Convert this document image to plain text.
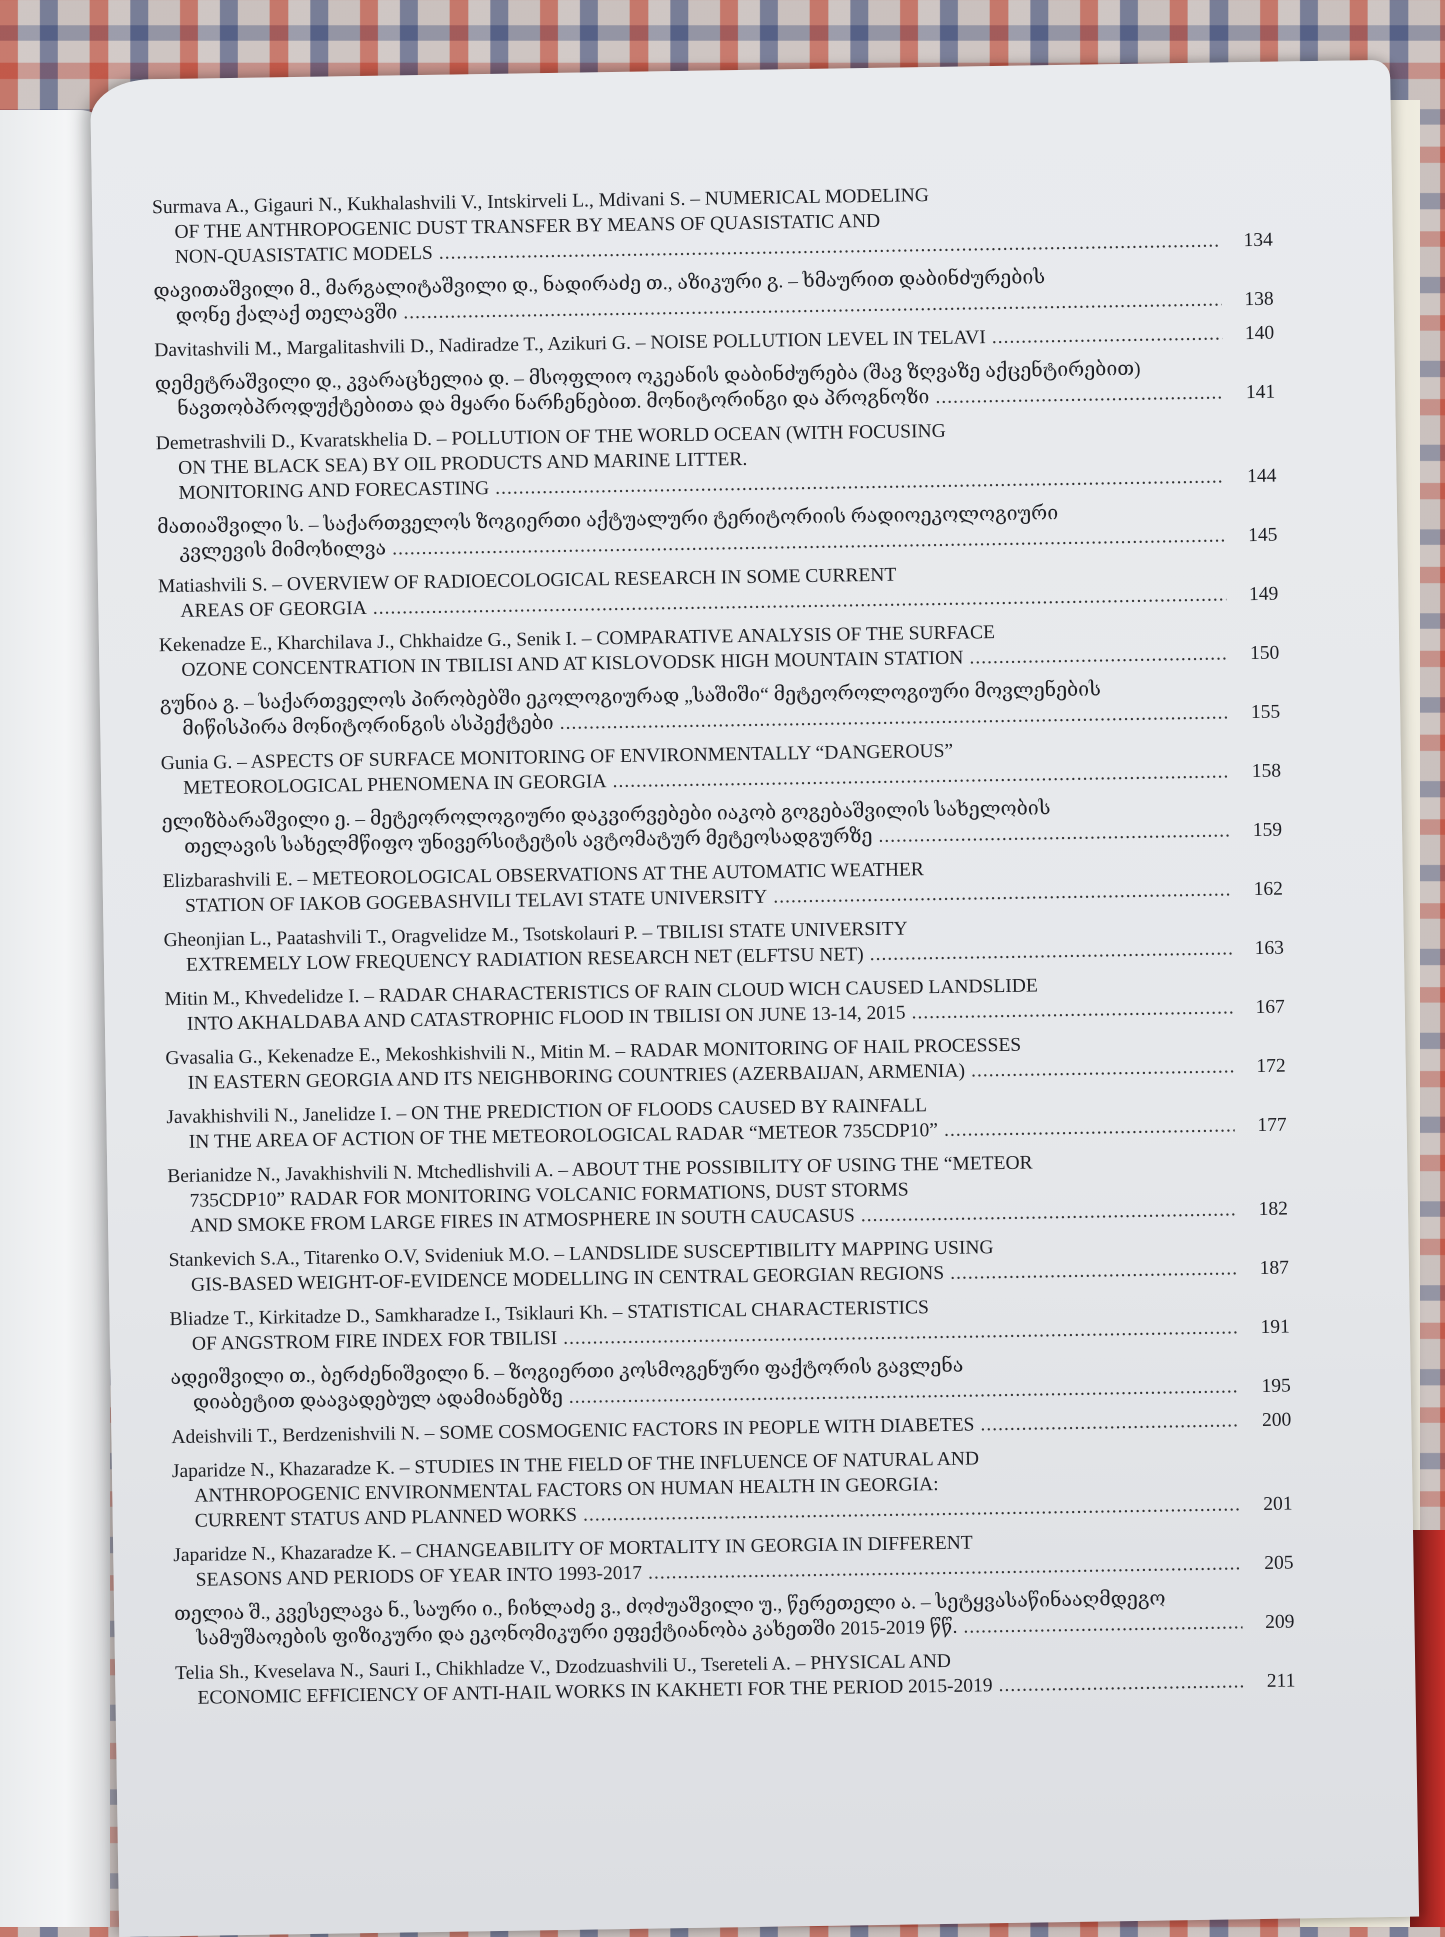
Surmava A., Gigauri N., Kukhalashvili V., Intskirveli L., Mdivani S. – NUMERICAL MODELING
OF THE ANTHROPOGENIC DUST TRANSFER BY MEANS OF QUASISTATIC AND
NON-QUASISTATIC MODELS
.....
134
დავითაშვილი მ., მარგალიტაშვილი დ., ნადირაძე თ., აზიკური გ. – ხმაურით დაბინძურების
დონე ქალაქ თელავში
.....
138
Davitashvili M., Margalitashvili D., Nadiradze T., Azikuri G. – NOISE POLLUTION LEVEL IN TELAVI .....	140
დემეტრაშვილი დ., კვარაცხელია დ. – მსოფლიო ოკეანის დაბინძურება (შავ ზღვაზე აქცენტირებით)
ნავთობპროდუქტებითა და მყარი ნარჩენებით. მონიტორინგი და პროგნოზი .....	141
Demetrashvili D., Kvaratskhelia D. – POLLUTION OF THE WORLD OCEAN (WITH FOCUSING
ON THE BLACK SEA) BY OIL PRODUCTS AND MARINE LITTER.
MONITORING AND FORECASTING
.....
144
მათიაშვილი ს. – საქართველოს ზოგიერთი აქტუალური ტერიტორიის რადიოეკოლოგიური
კვლევის მიმოხილვა
.....
145
Matiashvili S. – OVERVIEW OF RADIOECOLOGICAL RESEARCH IN SOME CURRENT
AREAS OF GEORGIA
.....
149
Kekenadze E., Kharchilava J., Chkhaidze G., Senik I. – COMPARATIVE ANALYSIS OF THE SURFACE
OZONE CONCENTRATION IN TBILISI AND AT KISLOVODSK HIGH MOUNTAIN STATION .....	150
გუნია გ. – საქართველოს პირობებში ეკოლოგიურად „საშიში“ მეტეოროლოგიური მოვლენების
მიწისპირა მონიტორინგის ასპექტები
.....
155
Gunia G. – ASPECTS OF SURFACE MONITORING OF ENVIRONMENTALLY “DANGEROUS”
METEOROLOGICAL PHENOMENA IN GEORGIA .....	158
ელიზბარაშვილი ე. – მეტეოროლოგიური დაკვირვებები იაკობ გოგებაშვილის სახელობის
თელავის სახელმწიფო უნივერსიტეტის ავტომატურ მეტეოსადგურზე .....	159
Elizbarashvili E. – METEOROLOGICAL OBSERVATIONS AT THE AUTOMATIC WEATHER
STATION OF IAKOB GOGEBASHVILI TELAVI STATE UNIVERSITY .....	162
Gheonjian L., Paatashvili T., Oragvelidze M., Tsotskolauri P. – TBILISI STATE UNIVERSITY
EXTREMELY LOW FREQUENCY RADIATION RESEARCH NET (ELFTSU NET) .....	163
Mitin M., Khvedelidze I. – RADAR CHARACTERISTICS OF RAIN CLOUD WICH CAUSED LANDSLIDE
INTO AKHALDABA AND CATASTROPHIC FLOOD IN TBILISI ON JUNE 13-14, 2015 .....	167
Gvasalia G., Kekenadze E., Mekoshkishvili N., Mitin M. – RADAR MONITORING OF HAIL PROCESSES
IN EASTERN GEORGIA AND ITS NEIGHBORING COUNTRIES (AZERBAIJAN, ARMENIA) .....	172
Javakhishvili N., Janelidze I. – ON THE PREDICTION OF FLOODS CAUSED BY RAINFALL
IN THE AREA OF ACTION OF THE METEOROLOGICAL RADAR “METEOR 735CDP10” .....	177
Berianidze N., Javakhishvili N. Mtchedlishvili A. – ABOUT THE POSSIBILITY OF USING THE “METEOR
735CDP10” RADAR FOR MONITORING VOLCANIC FORMATIONS, DUST STORMS
AND SMOKE FROM LARGE FIRES IN ATMOSPHERE IN SOUTH CAUCASUS .....	182
Stankevich S.A., Titarenko O.V, Svideniuk M.O. – LANDSLIDE SUSCEPTIBILITY MAPPING USING
GIS-BASED WEIGHT-OF-EVIDENCE MODELLING IN CENTRAL GEORGIAN REGIONS .....	187
Bliadze T., Kirkitadze D., Samkharadze I., Tsiklauri Kh. – STATISTICAL CHARACTERISTICS
OF ANGSTROM FIRE INDEX FOR TBILISI
.....
191
ადეიშვილი თ., ბერძენიშვილი ნ. – ზოგიერთი კოსმოგენური ფაქტორის გავლენა
დიაბეტით დაავადებულ ადამიანებზე
.....
195
Adeishvili T., Berdzenishvili N. – SOME COSMOGENIC FACTORS IN PEOPLE WITH DIABETES .....	200
Japaridze N., Khazaradze K. – STUDIES IN THE FIELD OF THE INFLUENCE OF NATURAL AND
ANTHROPOGENIC ENVIRONMENTAL FACTORS ON HUMAN HEALTH IN GEORGIA:
CURRENT STATUS AND PLANNED WORKS
.....
201
Japaridze N., Khazaradze K. – CHANGEABILITY OF MORTALITY IN GEORGIA IN DIFFERENT
SEASONS AND PERIODS OF YEAR INTO 1993-2017 .....	205
თელია შ., კვესელავა ნ., საური ი., ჩიხლაძე ვ., ძოძუაშვილი უ., წერეთელი ა. – სეტყვასაწინააღმდეგო
სამუშაოების ფიზიკური და ეკონომიკური ეფექტიანობა კახეთში 2015-2019 წწ. .....	209
Telia Sh., Kveselava N., Sauri I., Chikhladze V., Dzodzuashvili U., Tsereteli A. – PHYSICAL AND
ECONOMIC EFFICIENCY OF ANTI-HAIL WORKS IN KAKHETI FOR THE PERIOD 2015-2019 .....	211
